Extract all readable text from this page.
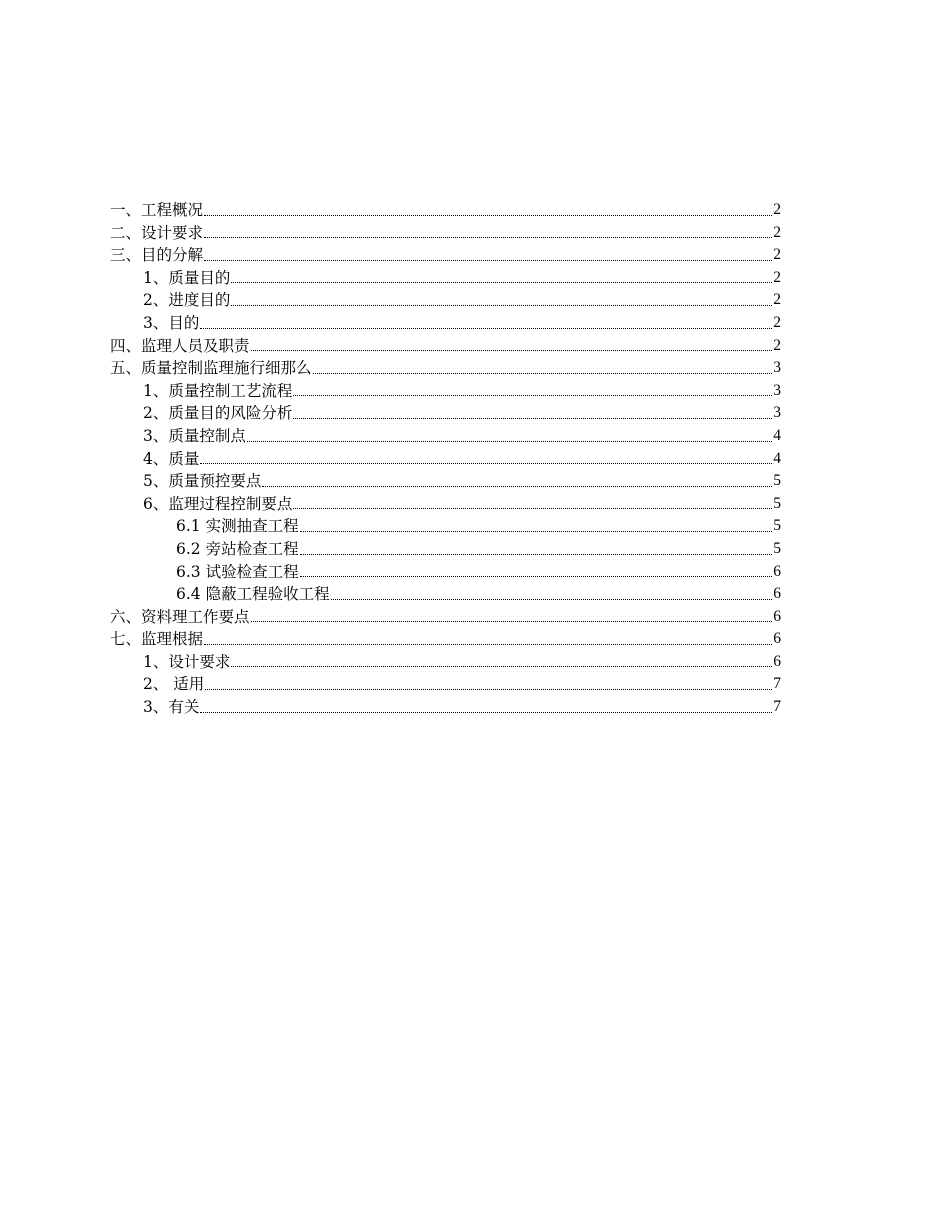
一、工程概况	2
二、设计要求	2
三、目的分解	2
1、质量目的	2
2、进度目的	2
3、目的	2
四、监理人员及职责	2
五、质量控制监理施行细那么	3
1、质量控制工艺流程	3
2、质量目的风险分析	3
3、质量控制点	4
4、质量	4
5、质量预控要点	5
6、监理过程控制要点	5
6.1 实测抽查工程	5
6.2 旁站检查工程	5
6.3 试验检查工程	6
6.4 隐蔽工程验收工程	6
六、资料理工作要点	6
七、监理根据	6
1、设计要求	6
2、 适用	7
3、有关	7
